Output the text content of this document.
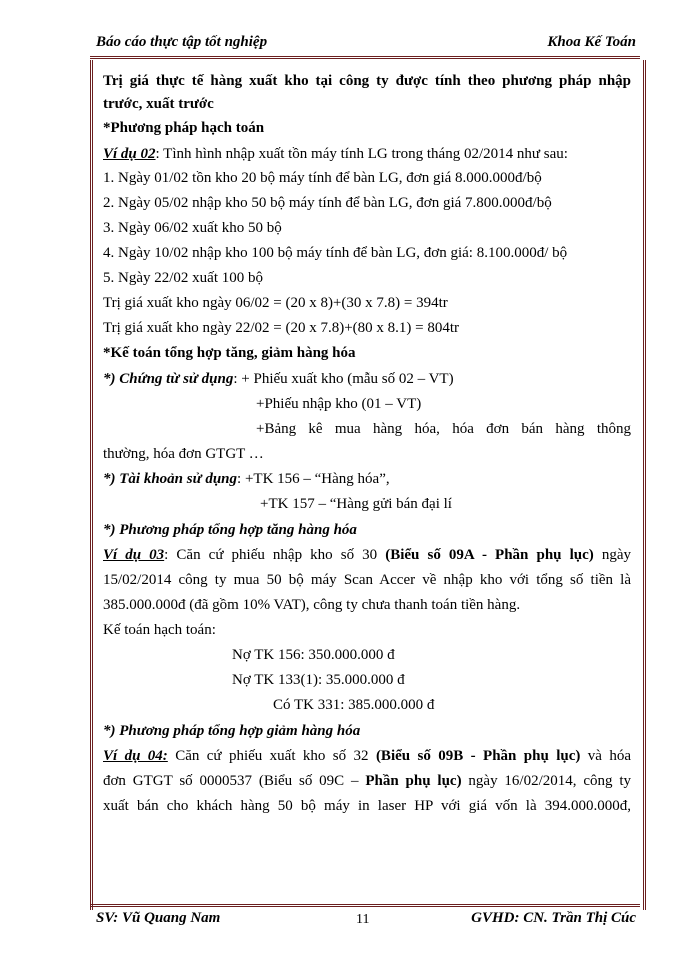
Báo cáo thực tập tốt nghiệp	Khoa Kế Toán
Trị giá thực tế hàng xuất kho tại công ty được tính theo phương pháp nhập
trước, xuất trước
*Phương pháp hạch toán
Ví dụ 02: Tình hình nhập xuất tồn máy tính LG trong tháng 02/2014 như sau:
1. Ngày 01/02 tồn kho 20 bộ máy tính để bàn LG, đơn giá 8.000.000đ/bộ
2. Ngày 05/02 nhập kho 50 bộ máy tính để bàn LG, đơn giá 7.800.000đ/bộ
3. Ngày 06/02 xuất kho 50 bộ
4. Ngày 10/02 nhập kho 100 bộ máy tính để bàn LG, đơn giá: 8.100.000đ/ bộ
5. Ngày 22/02 xuất 100 bộ
Trị giá xuất kho ngày 06/02 = (20 x 8)+(30 x 7.8) = 394tr
Trị giá xuất kho ngày 22/02 = (20 x 7.8)+(80 x 8.1) = 804tr
*Kế toán tổng hợp tăng, giảm hàng hóa
*) Chứng từ sử dụng: + Phiếu xuất kho (mẫu số 02 – VT)
+Phiếu nhập kho (01 – VT)
+Bảng kê mua hàng hóa, hóa đơn bán hàng thông
thường, hóa đơn GTGT …
*) Tài khoản sử dụng: +TK 156 – “Hàng hóa”,
+TK 157 – “Hàng gửi bán đại lí
*) Phương pháp tổng hợp tăng hàng hóa
Ví dụ 03: Căn cứ phiếu nhập kho số 30 (Biểu số 09A - Phần phụ lục) ngày
15/02/2014 công ty mua 50 bộ máy Scan Accer về nhập kho với tổng số tiền là
385.000.000đ (đã gồm 10% VAT), công ty chưa thanh toán tiền hàng.
Kế toán hạch toán:
Nợ TK 156: 350.000.000 đ
Nợ TK 133(1): 35.000.000 đ
Có TK 331: 385.000.000 đ
*) Phương pháp tổng hợp giảm hàng hóa
Ví dụ 04: Căn cứ phiếu xuất kho số 32 (Biểu số 09B - Phần phụ lục) và hóa
đơn GTGT số 0000537 (Biểu số 09C – Phần phụ lục) ngày 16/02/2014, công ty
xuất bán cho khách hàng 50 bộ máy in laser HP với giá vốn là 394.000.000đ,
SV: Vũ Quang Nam	11	GVHD: CN. Trần Thị Cúc
